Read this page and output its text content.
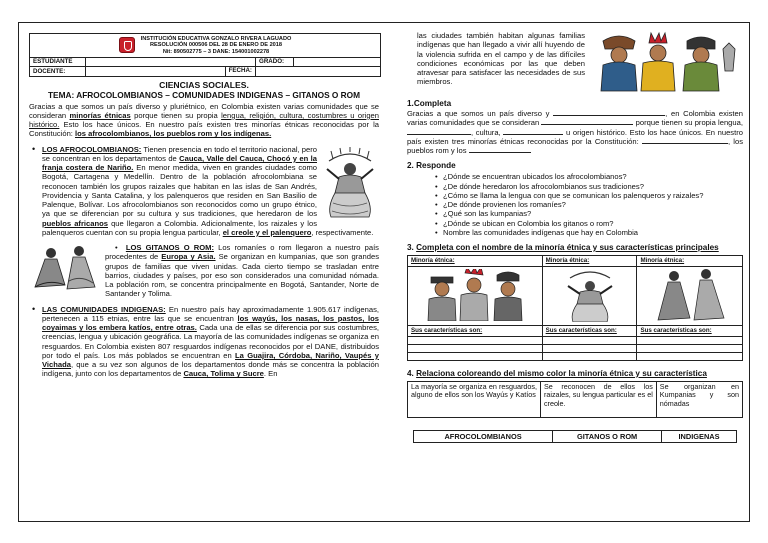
INSTITUCIÓN EDUCATIVA GONZALO RIVERA LAGUADO
RESOLUCIÓN 000506 DEL 28 DE ENERO DE 2018
Nit: 890502775 – 3 DANE: 154001002278			

ESTUDIANTE		GRADO:	
DOCENTE:	FECHA:		

CIENCIAS SOCIALES.
TEMA: AFROCOLOMBIANOS – COMUNIDADES INDIGENAS – GITANOS O ROM

Gracias a que somos un país diverso y pluriétnico, en Colombia existen varias comunidades que se consideran minorías étnicas porque tienen su propia lengua, religión, cultura, costumbres u origen histórico. Esto los hace únicos. En nuestro país existen tres minorías étnicas reconocidas por la Constitución: los afrocolombianos, los pueblos rom y los indígenas.

• LOS AFROCOLOMBIANOS: Tienen presencia en todo el territorio nacional, pero se concentran en los departamentos de Cauca, Valle del Cauca, Chocó y en la franja costera de Nariño. En menor medida, viven en grandes ciudades como Bogotá, Cartagena y Medellín. Dentro de la población afrocolombiana se reconocen también los grupos raizales que habitan en las islas de San Andrés, Providencia y Santa Catalina, y los palenqueros que residen en San Basilio de Palenque, Bolívar. Los afrocolombianos son reconocidos como un grupo étnico, ya que se diferencian por su cultura y sus tradiciones, que heredaron de los pueblos africanos que llegaron a Colombia. Adicionalmente, los raizales y los palenqueros cuentan con su propia lengua particular, el creole y el palenquero, respectivamente.

•  LOS GITANOS O ROM: Los romaníes o rom llegaron a nuestro país procedentes de Europa y Asia. Se organizan en kumpanias, que son grandes grupos de familias que viven unidas. Cada cierto tiempo se trasladan entre barrios, ciudades y países, por eso son considerados una comunidad nómada. La población rom, se concentra principalmente en Bogotá, Santander, Norte de Santander y Tolima.

• LAS COMUNIDADES INDIGENAS: En nuestro país hay aproximadamente 1.905.617 indígenas, pertenecen a 115 etnias, entre las que se encuentran los wayús, los nasas, los pastos, los coyaimas y los embera katíos, entre otras. Cada una de ellas se diferencia por sus costumbres, creencias, lengua y ubicación geográfica. La mayoría de las comunidades indígenas se organiza en resguardos. En Colombia existen 807 resguardos indígenas reconocidos por el DANE, distribuidos por todo el país. Los más poblados se encuentran en La Guajira, Córdoba, Nariño, Vaupés y Vichada, que a su vez son algunos de los departamentos donde más se concentra la población indígena, junto con los departamentos de Cauca, Tolima y Sucre. En

las ciudades también habitan algunas familias indígenas que han llegado a vivir allí huyendo de la violencia sufrida en el campo y de las difíciles condiciones económicas por las que deben atravesar para satisfacer las necesidades de sus miembros.

1.Completa

Gracias a que somos un país diverso y	, en Colombia existen varias comunidades que se consideran	porque tienen su propia lengua, , cultura,	u origen histórico. Esto los hace únicos. En nuestro país existen tres minorías étnicas reconocidas por la Constitución:	, los pueblos rom y los

2. Responde
• ¿Dónde se encuentran ubicados los afrocolombianos?
• ¿De dónde heredaron los afrocolombianos sus tradiciones?
• ¿Cómo se llama la lengua con que se comunican los palenqueros y raizales?
• ¿De dónde provienen los romaníes?
• ¿Qué son las kumpanias?
• ¿Dónde se ubican en Colombia los gitanos o rom?
• Nombre las comunidades indígenas que hay en Colombia
3. Completa con el nombre de la minoría étnica y sus características principales
Minoría étnica:	Minoría étnica:	Minoría étnica:

Sus características son:	Sus características son:	Sus características son:

4. Relaciona coloreando del mismo color la minoría étnica y su característica
La mayoría se organiza en resguardos, alguno de ellos son los Wayús y Katíos	Se reconocen de ellos los raizales, su lengua particular es el creole.	Se organizan en Kumpanias y son nómadas
AFROCOLOMBIANOS	GITANOS O ROM	INDIGENAS
